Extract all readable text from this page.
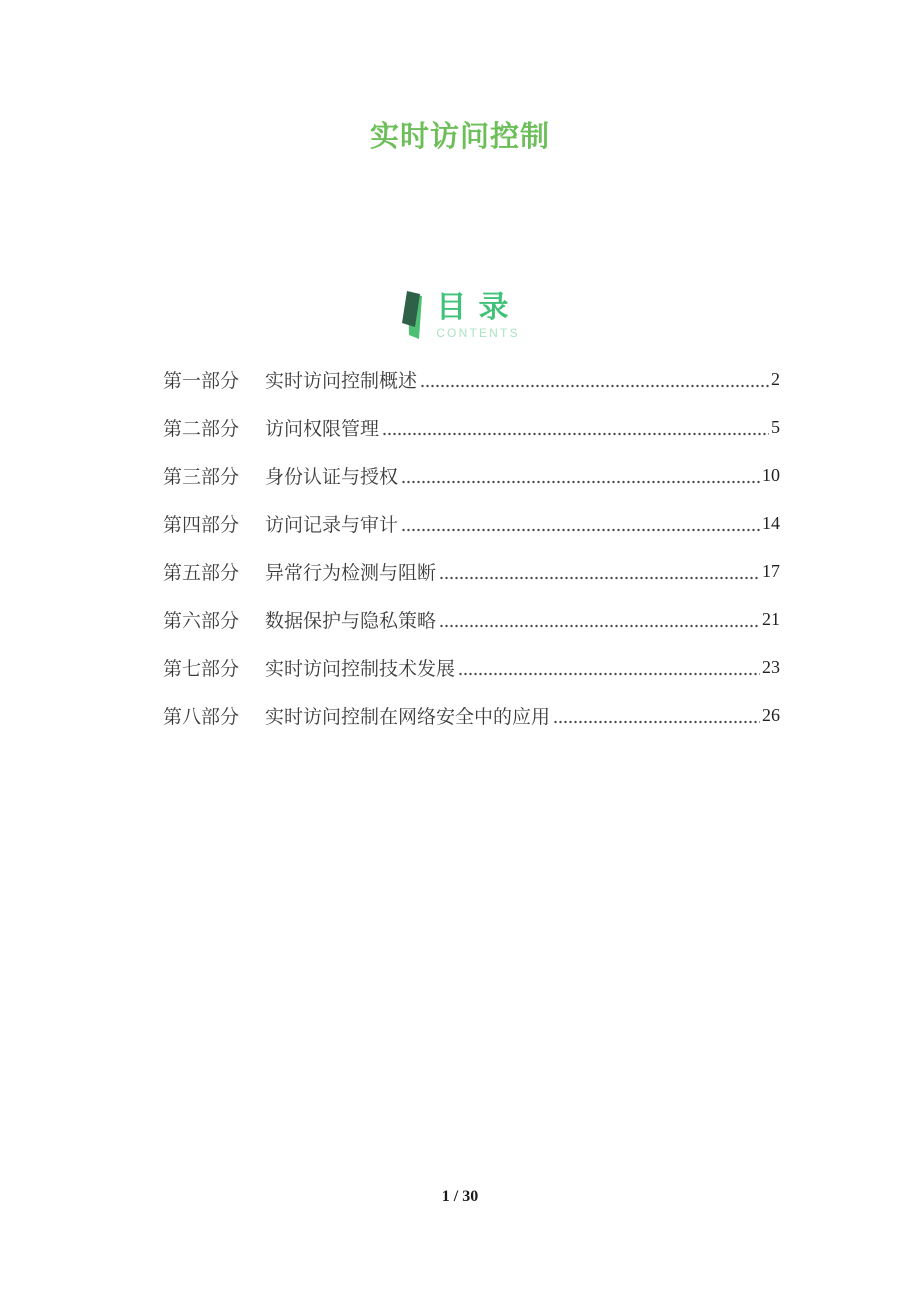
实时访问控制
目 录
CONTENTS
第一部分 实时访问控制概述	2
第二部分 访问权限管理	5
第三部分 身份认证与授权	10
第四部分 访问记录与审计	14
第五部分 异常行为检测与阻断	17
第六部分 数据保护与隐私策略	21
第七部分 实时访问控制技术发展	23
第八部分 实时访问控制在网络安全中的应用	26
1 / 30
